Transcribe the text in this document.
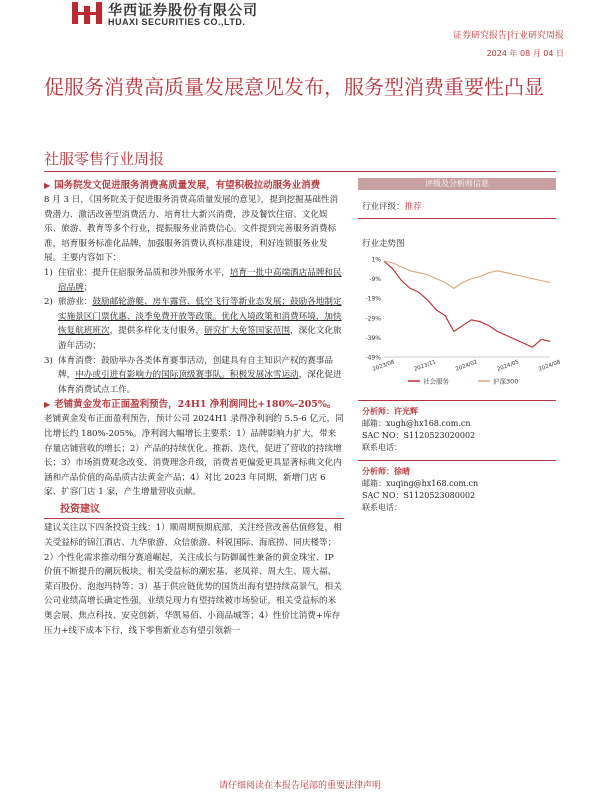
华西证券股份有限公司
HUAXI SECURITIES CO.,LTD.
证券研究报告|行业研究周报
2024 年 08 月 04 日
促服务消费高质量发展意见发布，服务型消费重要性凸显
社服零售行业周报

▶ 国务院发文促进服务消费高质量发展，有望积极拉动服务业消费

8 月 3 日，《国务院关于促进服务消费高质量发展的意见》，提到挖掘基础性消费潜力、激活改善型消费活力、培育壮大新兴消费，涉及餐饮住宿、文化娱乐、旅游、教育等多个行业，提振服务业消费信心。文件提到完善服务消费标准，培育服务标准化品牌，加强服务消费认真标准建设，利好连锁服务业发展。主要内容如下：

1) 住宿业：提升住宿服务品质和涉外服务水平，培育一批中高端酒店品牌和民宿品牌；
2) 旅游业：鼓励邮轮游艇、房车露营、低空飞行等新业态发展；鼓励各地制定实施景区门票优惠、淡季免费开放等政策。优化入境政策和消费环境，加快恢复航班班次，提供多样化支付服务，研究扩大免签国家范围，深化文化旅游年活动；
3) 体育消费：鼓励举办各类体育赛事活动，创建具有自主知识产权的赛事品牌，申办或引进有影响力的国际顶级赛事队。积极发展冰雪运动，深化促进体育消费试点工作。

▶ 老铺黄金发布正面盈利预告，24H1 净利润同比+180%-205%。

老铺黄金发布正面盈利预告，预计公司 2024H1 录得净利润约 5.5-6 亿元，同比增长约 180%-205%。净利润大幅增长主要系：1）品牌影响力扩大，带来存量店铺营收的增长；2）产品的持续优化、推新、迭代，促进了营收的持续增长；3）市场消费观念改变、消费理念升级，消费者更偏爱更具显著标典文化内涵和产品价值的高品质古法黄金产品；4）对比 2023 年同期，新增门店 6 家、扩容门店 1 家，产生增量营收贡献。

投资建议

建议关注以下四条投资主线：1）顺周期预期底部，关注经营改善估值修复，相关受益标的锦江酒店、九华旅游、众信旅游、科锐国际、海底捞、同庆楼等；2）个性化需求推动细分赛道崛起，关注成长与防御属性兼备的黄金珠宝、IP 价值不断提升的潮玩板块，相关受益标的潮宏基、老凤祥、周大生、周大福、菜百股份、泡泡玛特等；3）基于供应链优势的国货出海有望持续高景气，相关公司业绩高增长确定性强，业绩兑现力有望持续被市场验证，相关受益标的米奥会展、焦点科技、安克创新、华凯易佰、小商品城等；4）性价比消费+库存压力+线下成本下行，线下零售新业态有望引领新一

评级及分析师信息
行业评级：推荐
行业走势图
1%
-9%
-19%
-29%
-39%
-49%
2023/08	2023/11	2024/02	2024/05	2024/08
社会服务	沪深300
分析师：许光辉
邮箱：xugh@hx168.com.cn
SAC NO：S1120523020002
联系电话：
分析师：徐晴
邮箱：xuqing@hx168.com.cn
SAC NO：S1120523080002
联系电话：
请仔细阅读在本报告尾部的重要法律声明
